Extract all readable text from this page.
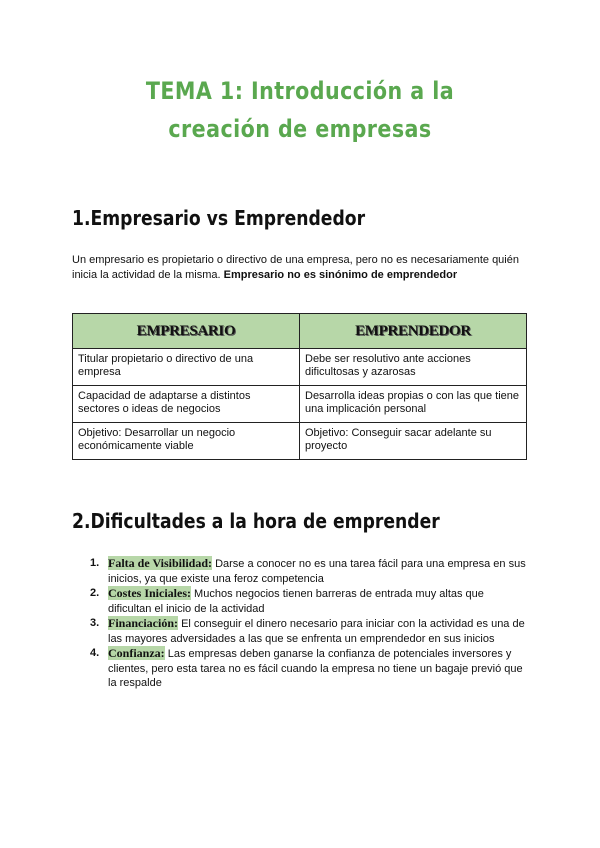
TEMA 1: Introducción a la creación de empresas
1.Empresario vs Emprendedor

Un empresario es propietario o directivo de una empresa, pero no es necesariamente quién inicia la actividad de la misma. Empresario no es sinónimo de emprendedor

EMPRESARIO	EMPRENDEDOR
Titular propietario o directivo de una empresa	Debe ser resolutivo ante acciones dificultosas y azarosas
Capacidad de adaptarse a distintos sectores o ideas de negocios	Desarrolla ideas propias o con las que tiene una implicación personal
Objetivo: Desarrollar un negocio económicamente viable	Objetivo: Conseguir sacar adelante su proyecto
2.Dificultades a la hora de emprender
1. Falta de Visibilidad: Darse a conocer no es una tarea fácil para una empresa en sus inicios, ya que existe una feroz competencia
2. Costes Iniciales: Muchos negocios tienen barreras de entrada muy altas que dificultan el inicio de la actividad
3. Financiación: El conseguir el dinero necesario para iniciar con la actividad es una de las mayores adversidades a las que se enfrenta un emprendedor en sus inicios
4. Confianza: Las empresas deben ganarse la confianza de potenciales inversores y clientes, pero esta tarea no es fácil cuando la empresa no tiene un bagaje previó que la respalde
